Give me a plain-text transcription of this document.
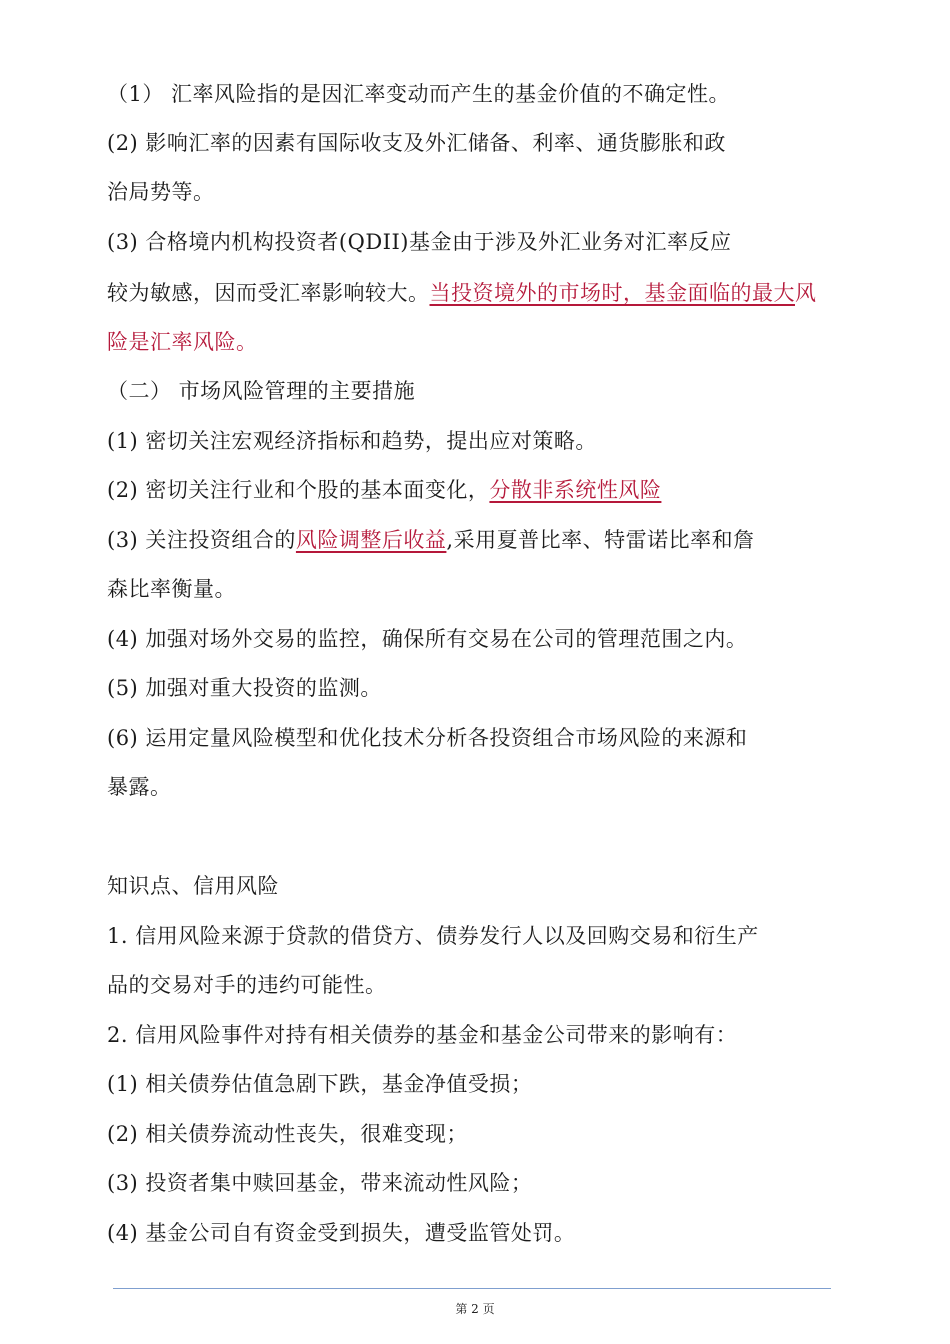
（1） 汇率风险指的是因汇率变动而产生的基金价值的不确定性。
(2) 影响汇率的因素有国际收支及外汇储备、利率、通货膨胀和政
治局势等。
(3) 合格境内机构投资者(QDII)基金由于涉及外汇业务对汇率反应
较为敏感，因而受汇率影响较大。当投资境外的市场时，基金面临的最大风
险是汇率风险。
（二） 市场风险管理的主要措施
(1) 密切关注宏观经济指标和趋势，提出应对策略。
(2) 密切关注行业和个股的基本面变化，分散非系统性风险
(3) 关注投资组合的风险调整后收益,采用夏普比率、特雷诺比率和詹
森比率衡量。
(4) 加强对场外交易的监控，确保所有交易在公司的管理范围之内。
(5) 加强对重大投资的监测。
(6) 运用定量风险模型和优化技术分析各投资组合市场风险的来源和
暴露。
知识点、信用风险
1. 信用风险来源于贷款的借贷方、债券发行人以及回购交易和衍生产
品的交易对手的违约可能性。
2. 信用风险事件对持有相关债券的基金和基金公司带来的影响有：
(1) 相关债券估值急剧下跌，基金净值受损；
(2) 相关债券流动性丧失，很难变现；
(3) 投资者集中赎回基金，带来流动性风险；
(4) 基金公司自有资金受到损失，遭受监管处罚。
第 2 页
